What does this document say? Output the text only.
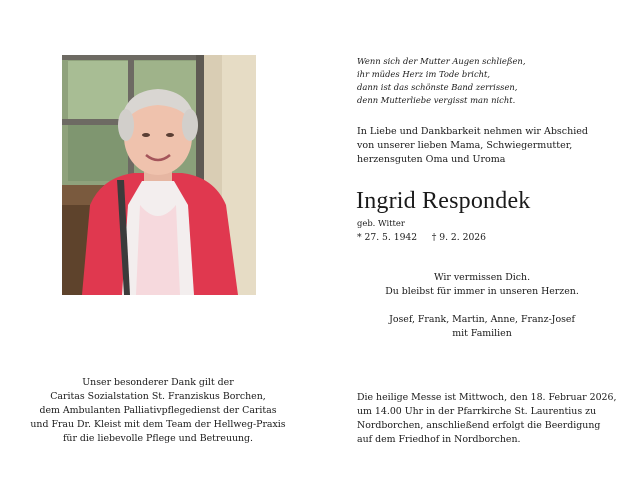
Wenn sich der Mutter Augen schließen,
ihr müdes Herz im Tode bricht,
dann ist das schönste Band zerrissen,
denn Mutterliebe vergisst man nicht.
In Liebe und Dankbarkeit nehmen wir Abschied
von unserer lieben Mama, Schwiegermutter,
herzensguten Oma und Uroma
Ingrid Respondek
geb. Witter
* 27. 5. 1942 † 9. 2. 2026
Wir vermissen Dich.
Du bleibst für immer in unseren Herzen.
Josef, Frank, Martin, Anne, Franz-Josef
mit Familien
Unser besonderer Dank gilt der
Caritas Sozialstation St. Franziskus Borchen,
dem Ambulanten Palliativpflegedienst der Caritas
und Frau Dr. Kleist mit dem Team der Hellweg-Praxis
für die liebevolle Pflege und Betreuung.
Die heilige Messe ist Mittwoch, den 18. Februar 2026,
um 14.00 Uhr in der Pfarrkirche St. Laurentius zu
Nordborchen, anschließend erfolgt die Beerdigung
auf dem Friedhof in Nordborchen.
